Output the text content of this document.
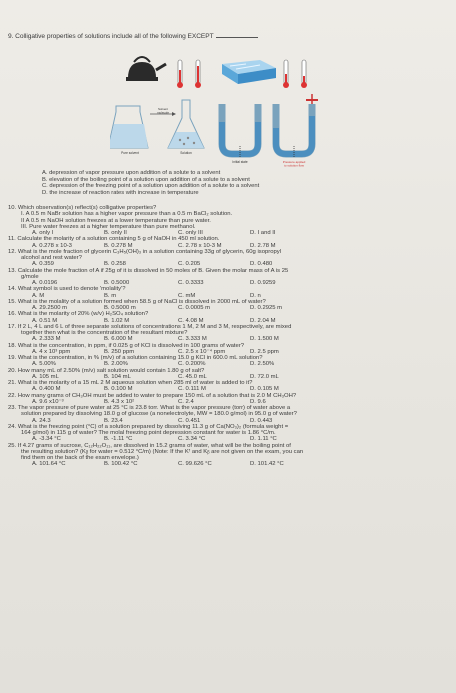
9. Colligative properties of solutions include all of the following EXCEPT
Pure solvent
Solvent molecule
Solution
Initial state	Pressure applied to solution flow
A. depression of vapor pressure upon addition of a solute to a solvent
B. elevation of the boiling point of a solution upon addition of a solute to a solvent
C. depression of the freezing point of a solution upon addition of a solute to a solvent
D. the increase of reaction rates with increase in temperature
10. Which observation(s) reflect(s) colligative properties?
I. A 0.5 m NaBr solution has a higher vapor pressure than a 0.5 m BaCl₂ solution.
II A 0.5 m NaOH solution freezes at a lower temperature than pure water.
III. Pure water freezes at a higher temperature than pure methanol.
A. only I	B. only II	C. only III	D. I and II
11. Calculate the molarity of a solution containing 5 g of NaOH in 450 ml solution.
A. 0.278 x 10-3	B. 0.278 M	C. 2.78 x 10-3 M	D. 2.78 M
12. What is the mole fraction of glycerin C₃H₅(OH)₃ in a solution containing 33g of glycerin, 60g isopropyl
alcohol and rest water?
A. 0.359	B. 0.258	C. 0.205	D. 0.480
13. Calculate the mole fraction of A if 25g of it is dissolved in 50 moles of B. Given the molar mass of A is 25
g/mole
A. 0.0196	B. 0.5000	C. 0.3333	D. 0.9259
14. What symbol is used to denote 'molality'?
A. M	B. m	C. mM	D. n
15. What is the molality of a solution formed when 58.5 g of NaCl is dissolved in 2000 mL of water?
A. 29.2500 m	B. 0.5000 m	C. 0.0005 m	D. 0.2925 m
16. What is the molarity of 20% (w/v) H₂SO₄ solution?
A. 0.51 M	B. 1.02 M	C. 4.08 M	D. 2.04 M
17. If 2 L, 4 L and 6 L of three separate solutions of concentrations 1 M, 2 M and 3 M, respectively, are mixed
together then what is the concentration of the resultant mixture?
A. 2.333 M	B. 6.000 M	C. 3.333 M	D. 1.500 M
18. What is the concentration, in ppm, if 0.025 g of KCl is dissolved in 100 grams of water?
A. 4 x 10³ ppm	B. 250 ppm	C. 2.5 x 10⁻⁴ ppm	D. 2.5 ppm
19. What is the concentration, in % (m/v) of a solution containing 15.0 g KCl in 600.0 mL solution?
A. 5.00%	B. 2.00%	C. 0.200%	D. 2.50%
20. How many mL of 2.50% (m/v) salt solution would contain 1.80 g of salt?
A. 105 mL	B. 104 mL	C. 45.0 mL	D. 72.0 mL
21. What is the molarity of a 15 mL 2 M aqueous solution when 285 ml of water is added to it?
A. 0.400 M	B. 0.100 M	C. 0.111 M	D. 0.105 M
22. How many grams of CH₃OH must be added to water to prepare 150 mL of a solution that is 2.0 M CH₃OH?
A. 9.6 x10⁻³	B. 4.3 x 10²	C. 2.4	D. 9.6
23. The vapor pressure of pure water at 25 °C is 23.8 torr. What is the vapor pressure (torr) of water above a
solution prepared by dissolving 18.0 g of glucose (a nonelectrolyte, MW = 180.0 g/mol) in 95.0 g of water?
A. 24.3	B. 23.4	C. 0.451	D. 0.443
24. What is the freezing point (°C) of a solution prepared by dissolving 11.3 g of Ca(NO₃)₂ (formula weight =
164 g/mol) in 115 g of water? The molal freezing point depression constant for water is 1.86 °C/m.
A. -3.34 °C	B. -1.11 °C	C. 3.34 °C	D. 1.11 °C
25. If 4.27 grams of sucrose, C₁₂H₂₂O₁₁, are dissolved in 15.2 grams of water, what will be the boiling point of
the resulting solution? (Kᵦ for water = 0.512 °C/m) (Note: If the Kᶠ and Kᵦ are not given on the exam, you can
find them on the back of the exam envelope.)
A. 101.64 °C	B. 100.42 °C	C. 99.626 °C	D. 101.42 °C
